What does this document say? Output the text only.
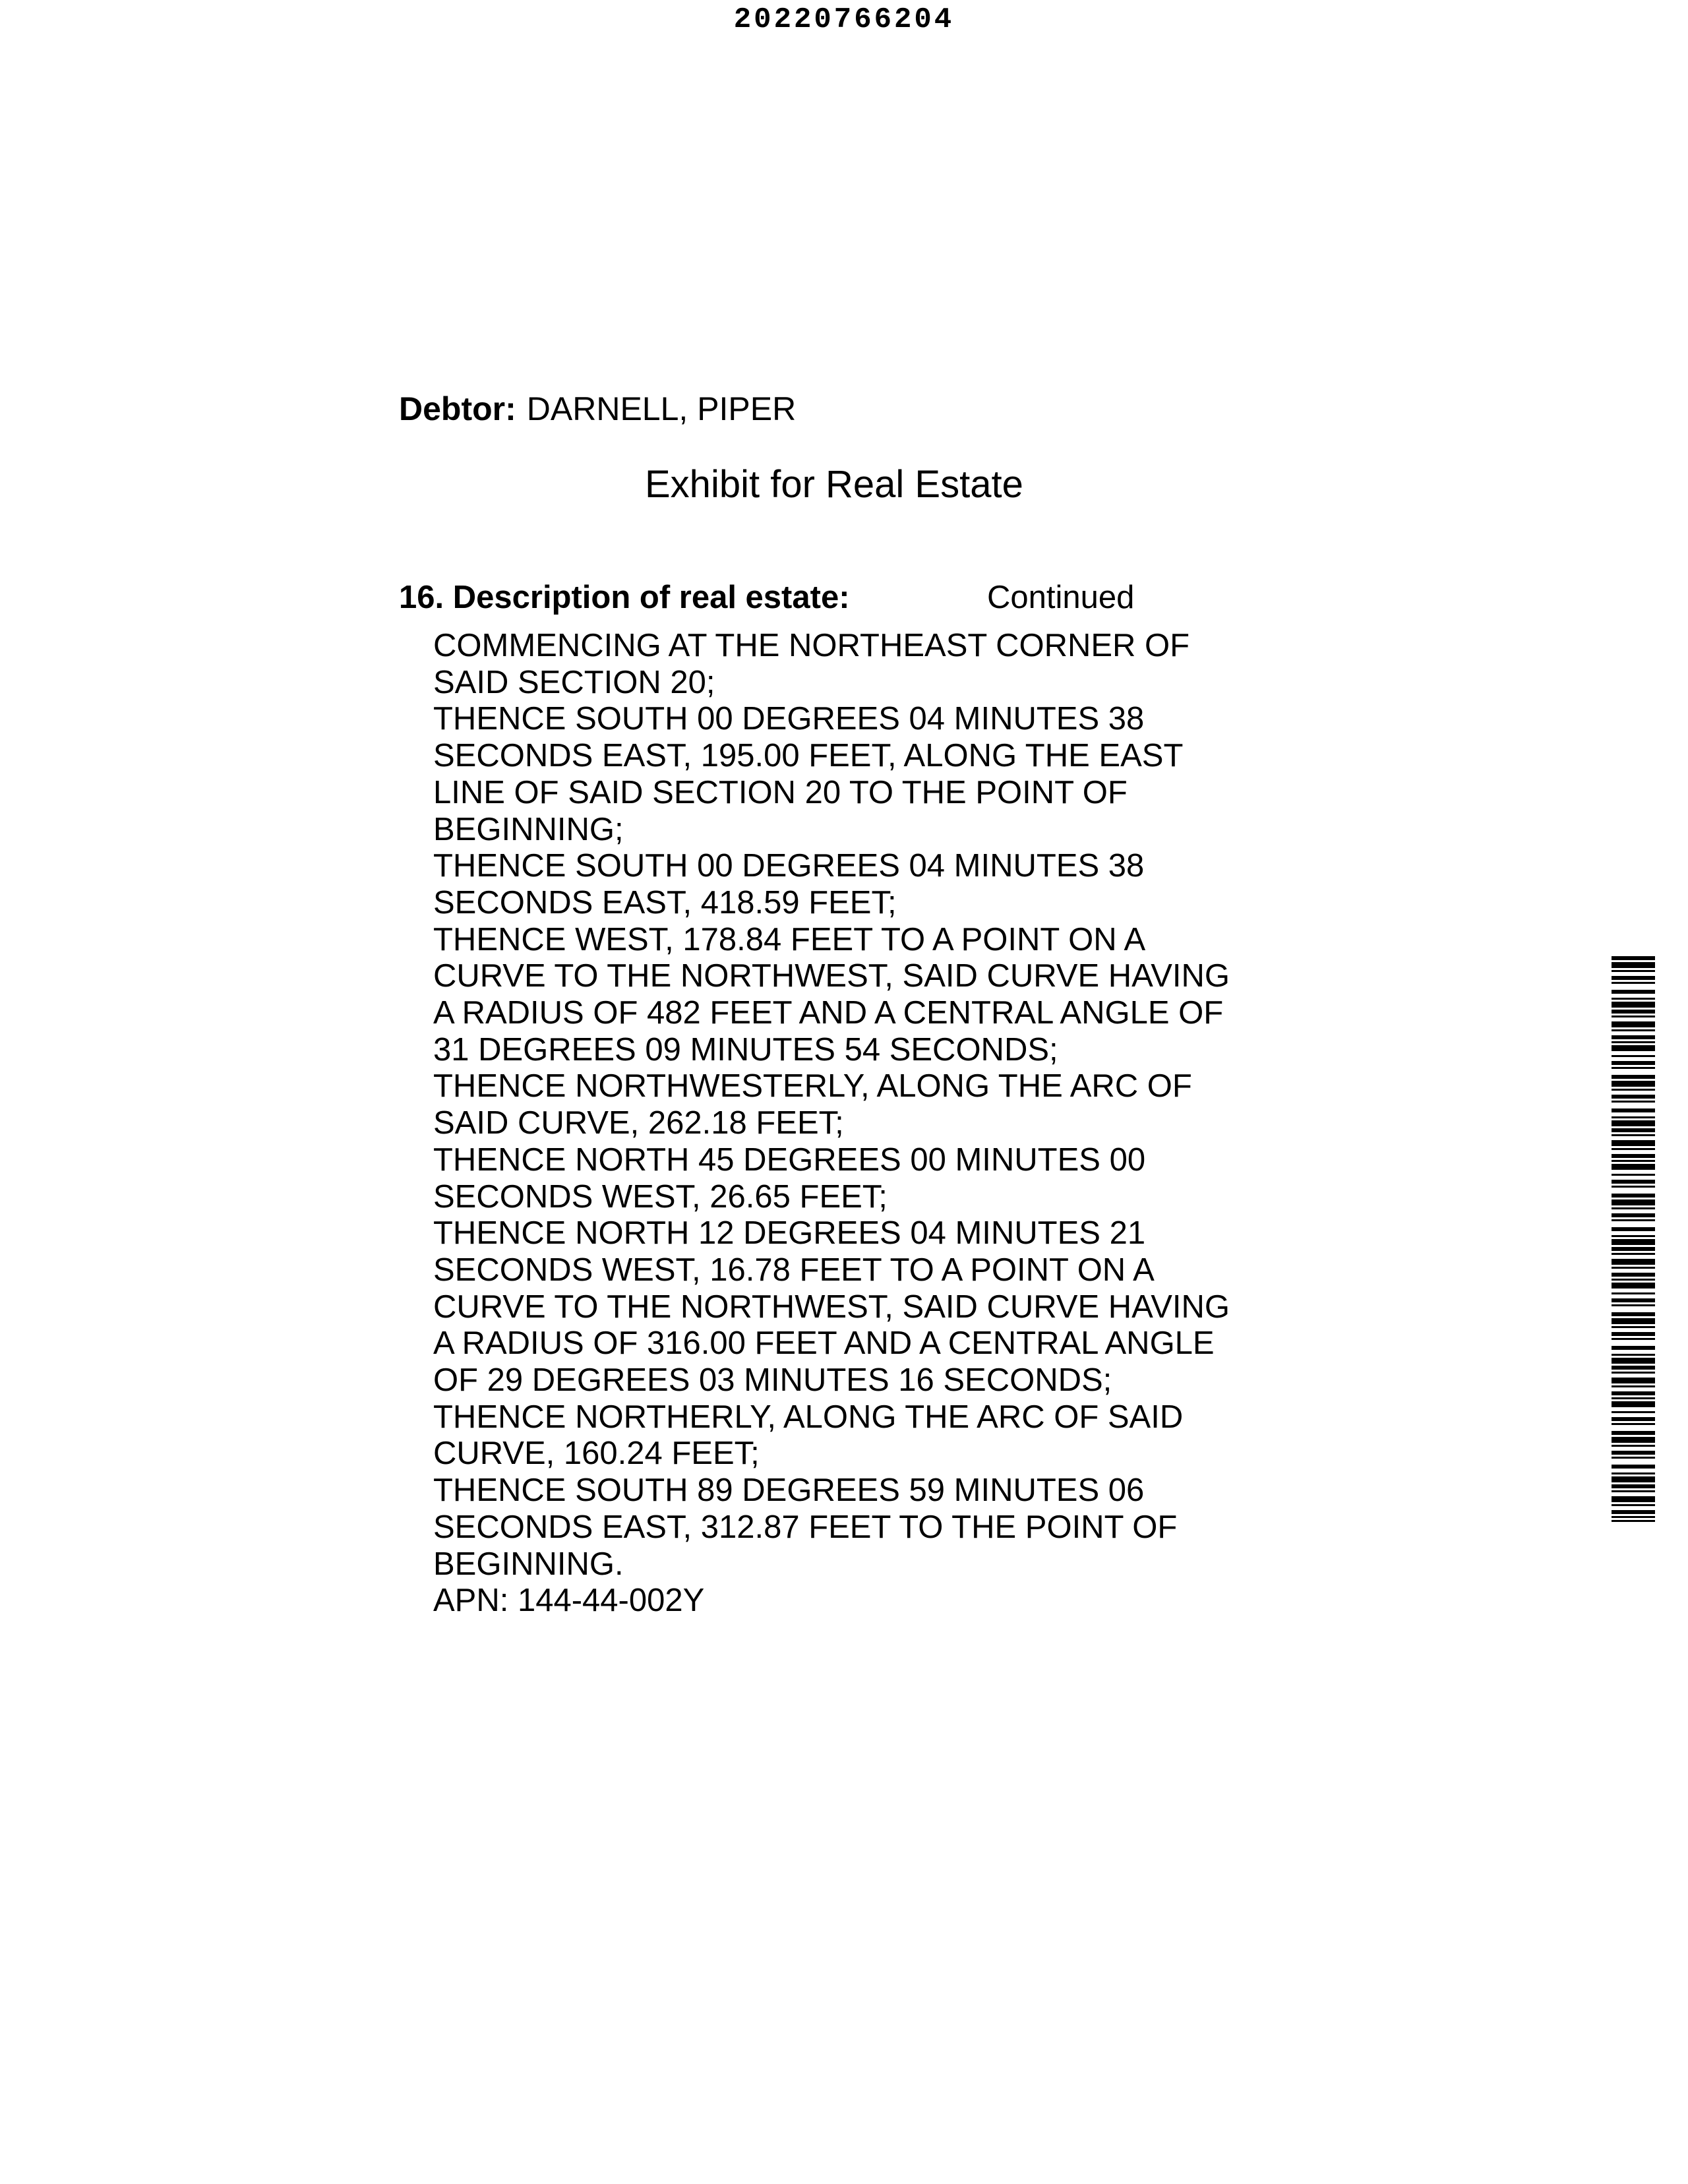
20220766204
Debtor: DARNELL, PIPER
Exhibit for Real Estate
16. Description of real estate:	Continued
COMMENCING AT THE NORTHEAST CORNER OF
SAID SECTION 20;
THENCE SOUTH 00 DEGREES 04 MINUTES 38
SECONDS EAST, 195.00 FEET, ALONG THE EAST
LINE OF SAID SECTION 20 TO THE POINT OF
BEGINNING;
THENCE SOUTH 00 DEGREES 04 MINUTES 38
SECONDS EAST, 418.59 FEET;
THENCE WEST, 178.84 FEET TO A POINT ON A
CURVE TO THE NORTHWEST, SAID CURVE HAVING
A RADIUS OF 482 FEET AND A CENTRAL ANGLE OF
31 DEGREES 09 MINUTES 54 SECONDS;
THENCE NORTHWESTERLY, ALONG THE ARC OF
SAID CURVE, 262.18 FEET;
THENCE NORTH 45 DEGREES 00 MINUTES 00
SECONDS WEST, 26.65 FEET;
THENCE NORTH 12 DEGREES 04 MINUTES 21
SECONDS WEST, 16.78 FEET TO A POINT ON A
CURVE TO THE NORTHWEST, SAID CURVE HAVING
A RADIUS OF 316.00 FEET AND A CENTRAL ANGLE
OF 29 DEGREES 03 MINUTES 16 SECONDS;
THENCE NORTHERLY, ALONG THE ARC OF SAID
CURVE, 160.24 FEET;
THENCE SOUTH 89 DEGREES 59 MINUTES 06
SECONDS EAST, 312.87 FEET TO THE POINT OF
BEGINNING.
APN: 144-44-002Y
